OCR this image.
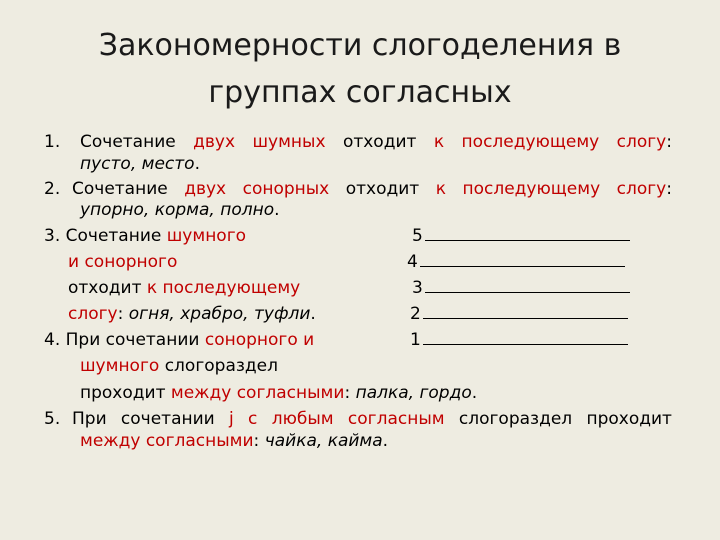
Закономерности слогоделения в
группах согласных
1. Сочетание двух шумных отходит к последующему слогу:
пусто, место.
2. Сочетание двух сонорных отходит к последующему слогу:
упорно, корма, полно.
3. Сочетание шумного
и сонорного
отходит к последующему
слогу: огня, храбро, туфли.
4. При сочетании сонорного и
шумного слогораздел
проходит между согласными: палка, гордо.
5. При сочетании j с любым согласным слогораздел проходит
между согласными: чайка, кайма.
5
4
3
2
1
